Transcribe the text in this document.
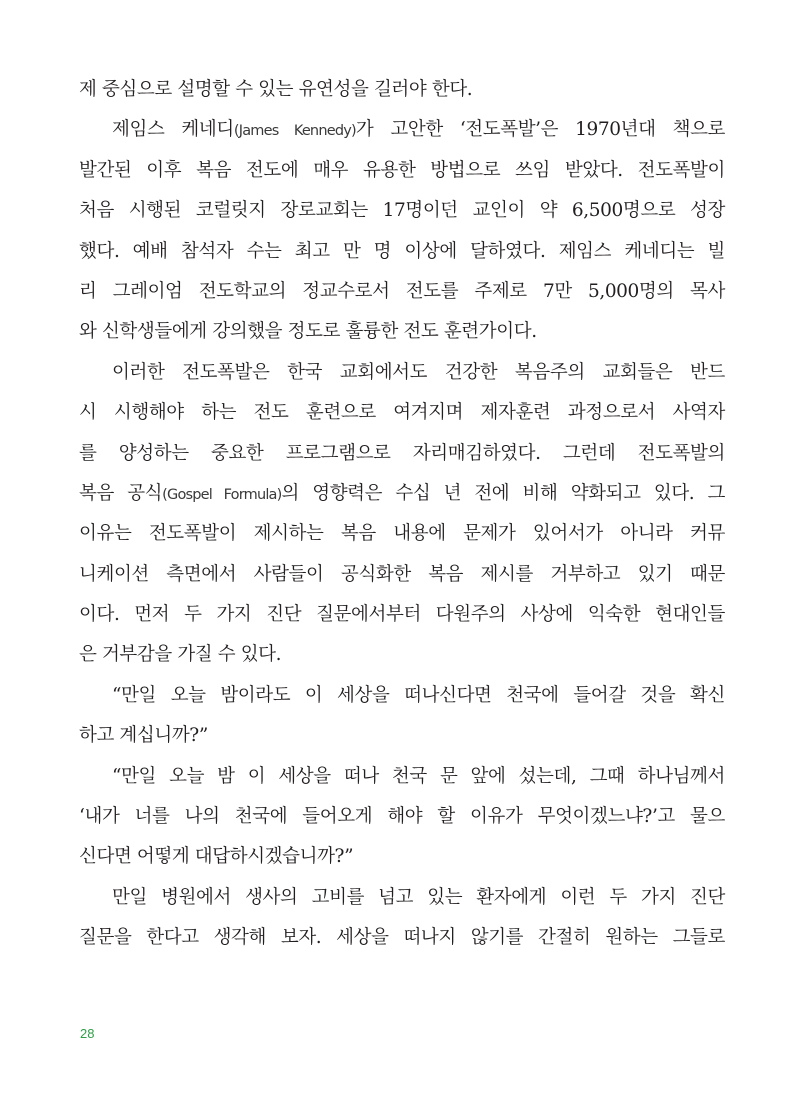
제 중심으로 설명할 수 있는 유연성을 길러야 한다.
제임스 케네디(James Kennedy)가 고안한 ‘전도폭발’은 1970년대 책으로
발간된 이후 복음 전도에 매우 유용한 방법으로 쓰임 받았다. 전도폭발이
처음 시행된 코럴릿지 장로교회는 17명이던 교인이 약 6,500명으로 성장
했다. 예배 참석자 수는 최고 만 명 이상에 달하였다. 제임스 케네디는 빌
리 그레이엄 전도학교의 정교수로서 전도를 주제로 7만 5,000명의 목사
와 신학생들에게 강의했을 정도로 훌륭한 전도 훈련가이다.
이러한 전도폭발은 한국 교회에서도 건강한 복음주의 교회들은 반드
시 시행해야 하는 전도 훈련으로 여겨지며 제자훈련 과정으로서 사역자
를 양성하는 중요한 프로그램으로 자리매김하였다. 그런데 전도폭발의
복음 공식(Gospel Formula)의 영향력은 수십 년 전에 비해 약화되고 있다. 그
이유는 전도폭발이 제시하는 복음 내용에 문제가 있어서가 아니라 커뮤
니케이션 측면에서 사람들이 공식화한 복음 제시를 거부하고 있기 때문
이다. 먼저 두 가지 진단 질문에서부터 다원주의 사상에 익숙한 현대인들
은 거부감을 가질 수 있다.
“만일 오늘 밤이라도 이 세상을 떠나신다면 천국에 들어갈 것을 확신
하고 계십니까?”
“만일 오늘 밤 이 세상을 떠나 천국 문 앞에 섰는데, 그때 하나님께서
‘내가 너를 나의 천국에 들어오게 해야 할 이유가 무엇이겠느냐?’고 물으
신다면 어떻게 대답하시겠습니까?”
만일 병원에서 생사의 고비를 넘고 있는 환자에게 이런 두 가지 진단
질문을 한다고 생각해 보자. 세상을 떠나지 않기를 간절히 원하는 그들로
28
